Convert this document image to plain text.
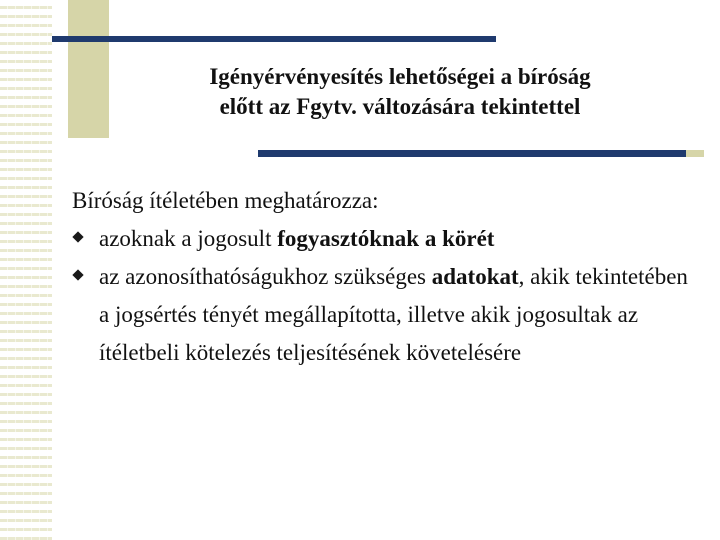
Igényérvényesítés lehetőségei a bíróság
előtt az Fgytv. változására tekintettel
Bíróság ítéletében meghatározza:
azoknak a jogosult fogyasztóknak a körét
az azonosíthatóságukhoz szükséges adatokat, akik tekintetében a jogsértés tényét megállapította, illetve akik jogosultak az ítéletbeli kötelezés teljesítésének követelésére
